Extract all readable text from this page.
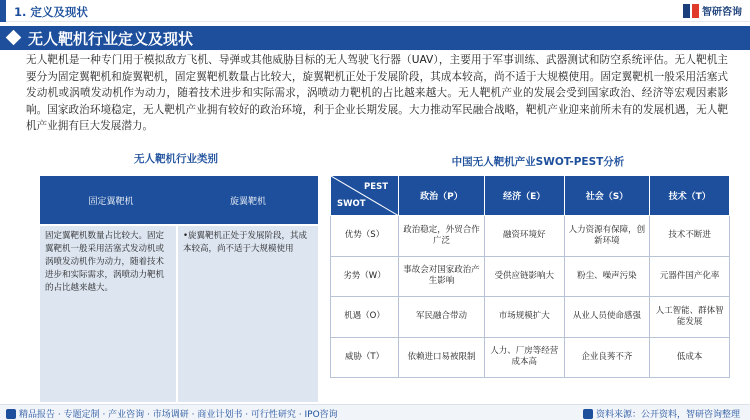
1. 定义及现状	智研咨询
无人靶机行业定义及现状
无人靶机是一种专门用于模拟敌方飞机、导弹或其他威胁目标的无人驾驶飞行器（UAV），主要用于军事训练、武器测试和防空系统评估。无人靶机主要分为固定翼靶机和旋翼靶机，固定翼靶机数量占比较大，旋翼靶机正处于发展阶段，其成本较高，尚不适于大规模使用。固定翼靶机一般采用活塞式发动机或涡喷发动机作为动力，随着技术进步和实际需求，涡喷动力靶机的占比越来越大。无人靶机产业的发展会受到国家政治、经济等宏观因素影响。国家政治环境稳定，无人靶机产业拥有较好的政治环境，利于企业长期发展。大力推动军民融合战略，靶机产业迎来前所未有的发展机遇，无人靶机产业拥有巨大发展潜力。
无人靶机行业类别
固定翼靶机	旋翼靶机
固定翼靶机数量占比较大。固定翼靶机一般采用活塞式发动机或涡喷发动机作为动力，随着技术进步和实际需求，涡喷动力靶机的占比越来越大。
•旋翼靶机正处于发展阶段，其成本较高，尚不适于大规模使用
中国无人靶机产业SWOT-PEST分析
PEST
SWOT	政治（P）	经济（E）	社会（S）	技术（T）
优势（S）	政治稳定，外贸合作广泛	融资环境好	人力资源有保障，创新环境	技术不断进
劣势（W）	事故会对国家政治产生影响	受供应链影响大	粉尘、噪声污染	元器件国产化率
机遇（O）	军民融合带动	市场规模扩大	从业人员使命感强	人工智能、群体智能发展
威胁（T）	依赖进口易被限制	人力、厂房等经营成本高	企业良莠不齐	低成本
精品报告 · 专题定制 · 产业咨询 · 市场调研 · 商业计划书 · 可行性研究 · IPO咨询	资料来源：公开资料，智研咨询整理
